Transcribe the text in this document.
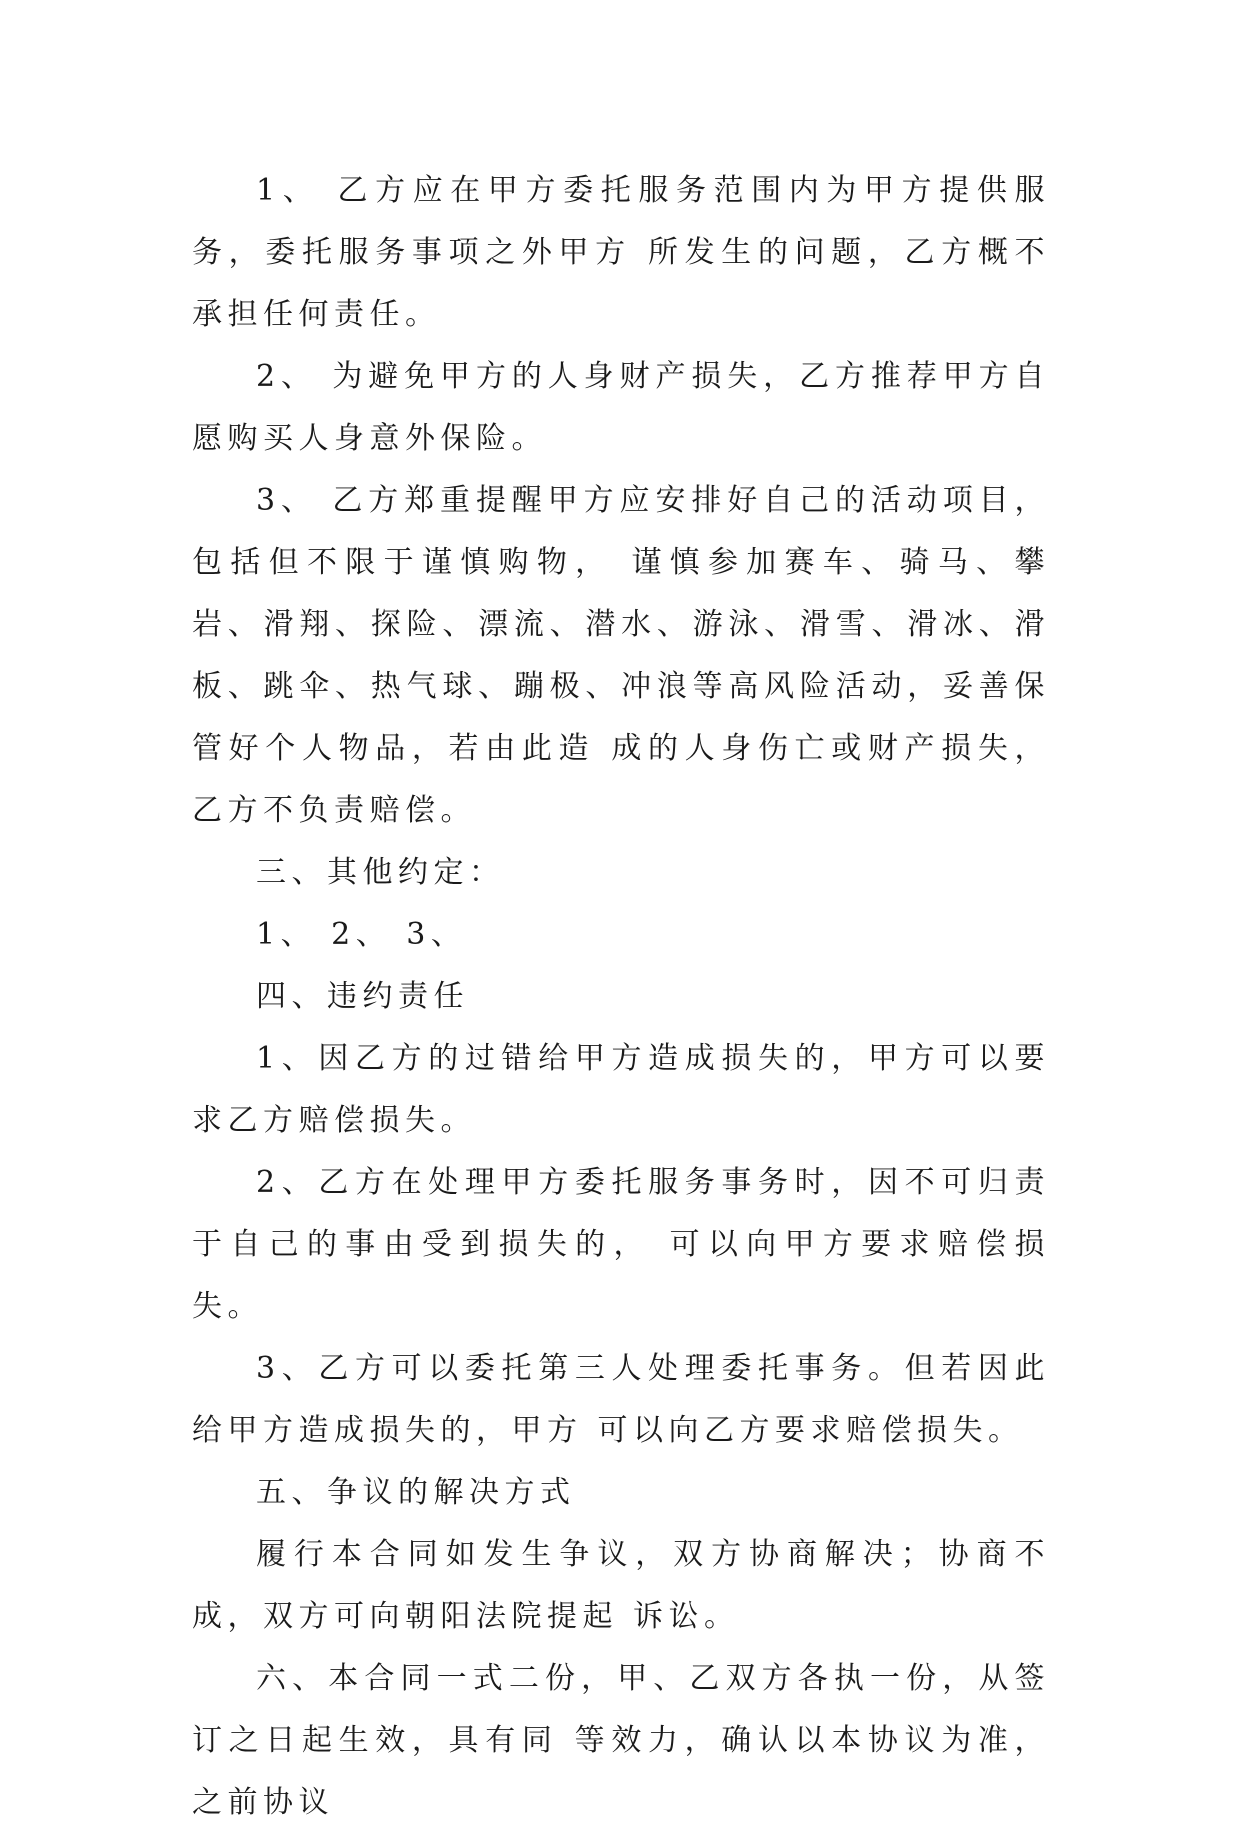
1、 乙方应在甲方委托服务范围内为甲方提供服务，委托服务事项之外甲方 所发生的问题，乙方概不承担任何责任。

2、 为避免甲方的人身财产损失，乙方推荐甲方自愿购买人身意外保险。

3、 乙方郑重提醒甲方应安排好自己的活动项目，包括但不限于谨慎购物， 谨慎参加赛车、骑马、攀岩、滑翔、探险、漂流、潜水、游泳、滑雪、滑冰、滑 板、跳伞、热气球、蹦极、冲浪等高风险活动，妥善保管好个人物品，若由此造 成的人身伤亡或财产损失，乙方不负责赔偿。

三、其他约定：

1、 2、 3、

四、违约责任

1、因乙方的过错给甲方造成损失的，甲方可以要求乙方赔偿损失。

2、乙方在处理甲方委托服务事务时，因不可归责于自己的事由受到损失的， 可以向甲方要求赔偿损失。

3、乙方可以委托第三人处理委托事务。但若因此给甲方造成损失的，甲方 可以向乙方要求赔偿损失。

五、争议的解决方式

履行本合同如发生争议，双方协商解决；协商不成，双方可向朝阳法院提起 诉讼。

六、本合同一式二份，甲、乙双方各执一份，从签订之日起生效，具有同 等效力，确认以本协议为准，之前协议
